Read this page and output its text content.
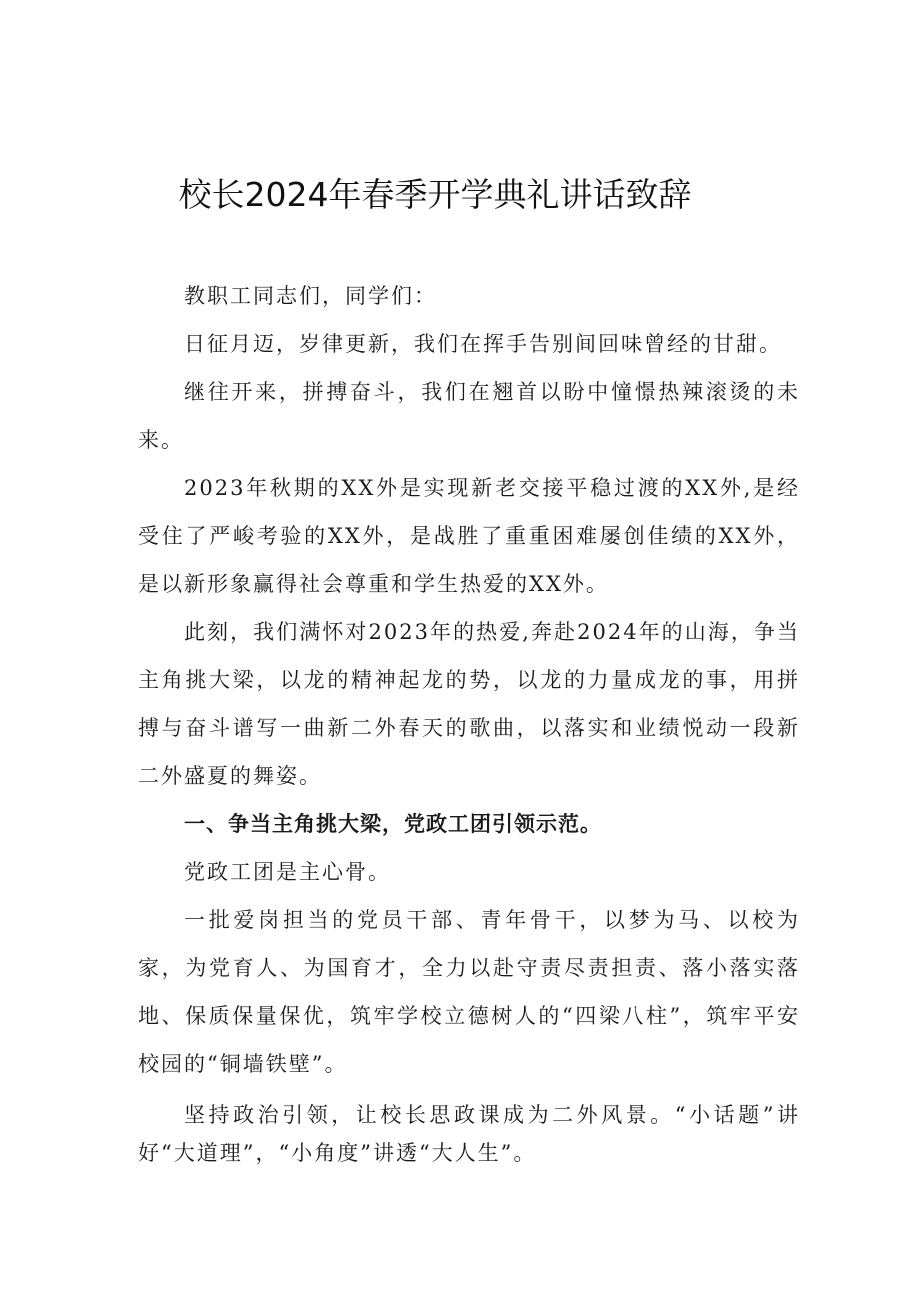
校长2024年春季开学典礼讲话致辞

教职工同志们，同学们：

日征月迈，岁律更新，我们在挥手告别间回味曾经的甘甜。

继往开来，拼搏奋斗，我们在翘首以盼中憧憬热辣滚烫的未来。

2023年秋期的XX外是实现新老交接平稳过渡的XX外,是经受住了严峻考验的XX外，是战胜了重重困难屡创佳绩的XX外，是以新形象赢得社会尊重和学生热爱的XX外。

此刻，我们满怀对2023年的热爱,奔赴2024年的山海，争当主角挑大梁，以龙的精神起龙的势，以龙的力量成龙的事，用拼搏与奋斗谱写一曲新二外春天的歌曲，以落实和业绩悦动一段新二外盛夏的舞姿。

一、争当主角挑大梁，党政工团引领示范。

党政工团是主心骨。

一批爱岗担当的党员干部、青年骨干，以梦为马、以校为家，为党育人、为国育才，全力以赴守责尽责担责、落小落实落地、保质保量保优，筑牢学校立德树人的“四梁八柱”，筑牢平安校园的“铜墙铁壁”。

坚持政治引领，让校长思政课成为二外风景。“小话题”讲好“大道理”，“小角度”讲透“大人生”。
